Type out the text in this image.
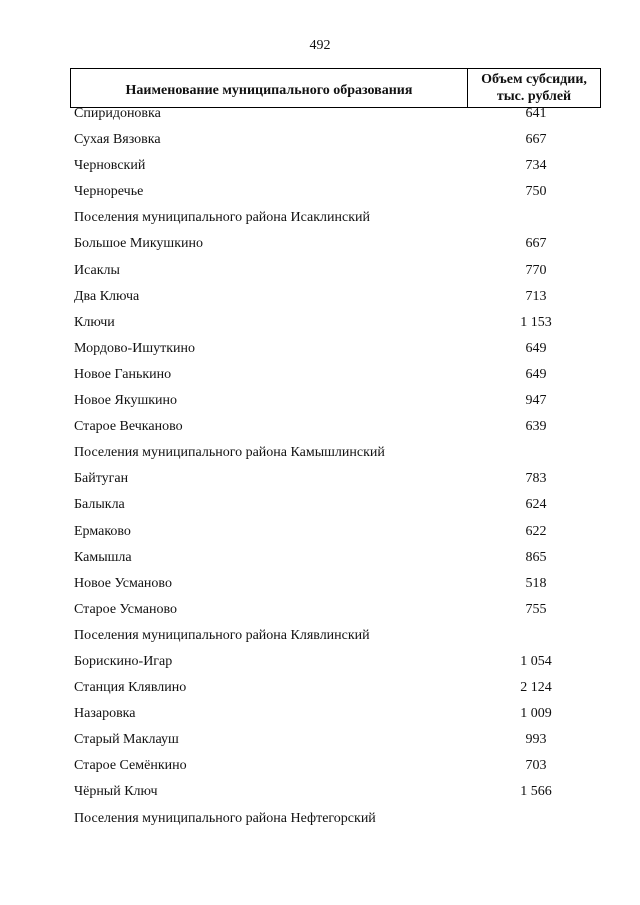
492
Наименование муниципального образования
Объем субсидии,
тыс. рублей
Спиридоновка	641
Сухая Вязовка	667
Черновский	734
Черноречье	750
Поселения муниципального района Исаклинский
Большое Микушкино	667
Исаклы	770
Два Ключа	713
Ключи	1 153
Мордово-Ишуткино	649
Новое Ганькино	649
Новое Якушкино	947
Старое Вечканово	639
Поселения муниципального района Камышлинский
Байтуган	783
Балыкла	624
Ермаково	622
Камышла	865
Новое Усманово	518
Старое Усманово	755
Поселения муниципального района Клявлинский
Борискино-Игар	1 054
Станция Клявлино	2 124
Назаровка	1 009
Старый Маклауш	993
Старое Семёнкино	703
Чёрный Ключ	1 566
Поселения муниципального района Нефтегорский
